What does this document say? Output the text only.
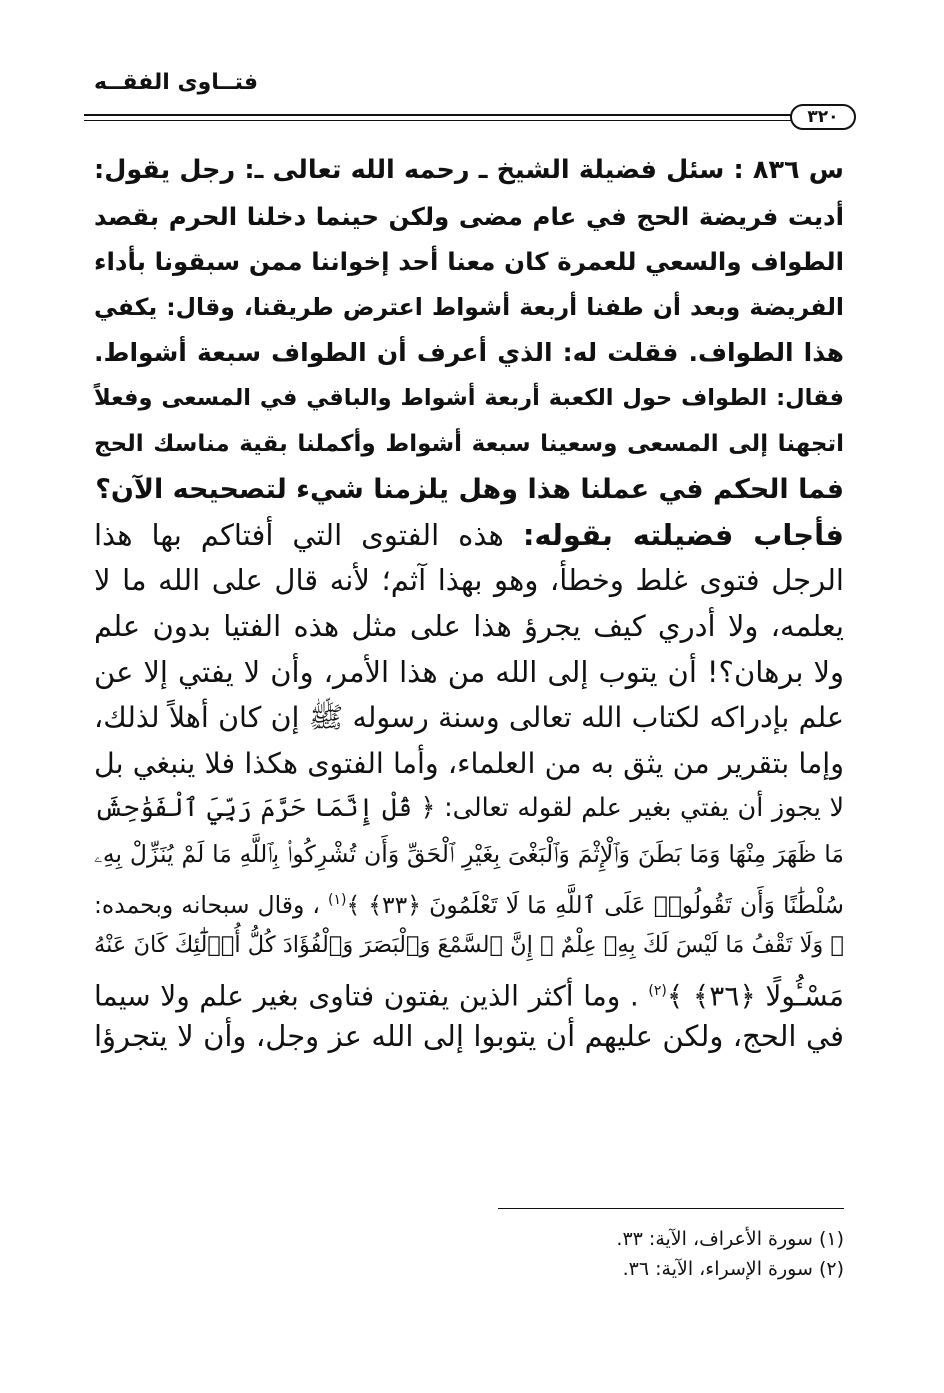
فتــاوى الفقــه
٣٢٠
س ٨٣٦ : سئل فضيلة الشيخ ـ رحمه الله تعالى ـ: رجل يقول:
أديت فريضة الحج في عام مضى ولكن حينما دخلنا الحرم بقصد
الطواف والسعي للعمرة كان معنا أحد إخواننا ممن سبقونا بأداء
الفريضة وبعد أن طفنا أربعة أشواط اعترض طريقنا، وقال: يكفي
هذا الطواف. فقلت له: الذي أعرف أن الطواف سبعة أشواط.
فقال: الطواف حول الكعبة أربعة أشواط والباقي في المسعى وفعلاً
اتجهنا إلى المسعى وسعينا سبعة أشواط وأكملنا بقية مناسك الحج
فما الحكم في عملنا هذا وهل يلزمنا شيء لتصحيحه الآن؟
فأجاب فضيلته بقوله: هذه الفتوى التي أفتاكم بها هذا
الرجل فتوى غلط وخطأ، وهو بهذا آثم؛ لأنه قال على الله ما لا
يعلمه، ولا أدري كيف يجرؤ هذا على مثل هذه الفتيا بدون علم
ولا برهان؟! أن يتوب إلى الله من هذا الأمر، وأن لا يفتي إلا عن
علم بإدراكه لكتاب الله تعالى وسنة رسوله ﷺ إن كان أهلاً لذلك،
وإما بتقرير من يثق به من العلماء، وأما الفتوى هكذا فلا ينبغي بل
لا يجوز أن يفتي بغير علم لقوله تعالى: ﴿ قُلْ إِنَّمَا حَرَّمَ رَبِّيَ ٱلْفَوَٰحِشَ
مَا ظَهَرَ مِنْهَا وَمَا بَطَنَ وَٱلْإِثْمَ وَٱلْبَغْىَ بِغَيْرِ ٱلْحَقِّ وَأَن تُشْرِكُوا۟ بِٱللَّهِ مَا لَمْ يُنَزِّلْ بِهِۦ
سُلْطَٰنًا وَأَن تَقُولُوا۟ عَلَى ٱللَّهِ مَا لَا تَعْلَمُونَ ﴿٣٣﴾ ﴾$^{(١)}$ ، وقال سبحانه وبحمده:
﴿ وَلَا تَقْفُ مَا لَيْسَ لَكَ بِهِۦ عِلْمٌ ۚ إِنَّ ٱلسَّمْعَ وَٱلْبَصَرَ وَٱلْفُؤَادَ كُلُّ أُو۟لَٰٓئِكَ كَانَ عَنْهُ
مَسْـُٔولًا ﴿٣٦﴾ ﴾$^{(٢)}$ . وما أكثر الذين يفتون فتاوى بغير علم ولا سيما
في الحج، ولكن عليهم أن يتوبوا إلى الله عز وجل، وأن لا يتجرؤا
(١) سورة الأعراف، الآية: ٣٣.
(٢) سورة الإسراء، الآية: ٣٦.
